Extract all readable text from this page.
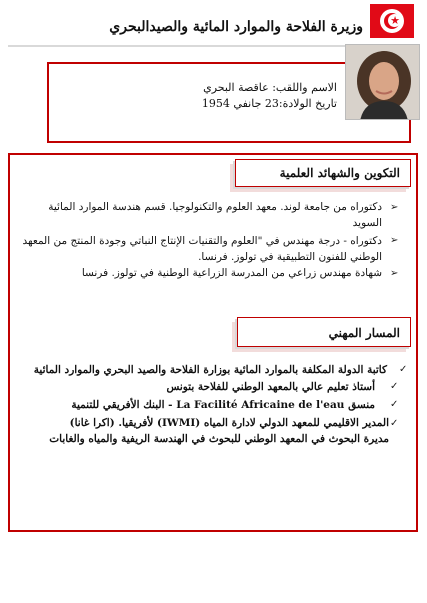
★
وزيرة الفلاحة والموارد المائية والصيدالبحري
الاسم واللقب: عاقصة البحري
تاريخ الولادة:23 جانفي 1954
التكوين والشهائد العلمية
➢
دكتوراه من جامعة لوند. معهد العلوم والتكنولوجيا. قسم هندسة الموارد المائية
السويد
➢
دكتوراه - درجة مهندس في "العلوم والتقنيات الإنتاج النباتي وجودة المنتج من المعهد
الوطني للفنون التطبيقية في تولوز. فرنسا.
➢
شهادة مهندس زراعي من المدرسة الزراعية الوطنية في تولوز. فرنسا
المسار المهني
✓
كاتبة الدولة المكلفة بالموارد المائية بوزارة الفلاحة والصيد البحري والموارد المائية
✓
أستاذ تعليم عالي بالمعهد الوطني للفلاحة بتونس
✓
منسق La Facilité Africaine de l'eau - البنك الأفريقي للتنمية
✓
المدير الاقليمي للمعهد الدولي لادارة المياه (IWMI) لأفريقيا. (اكرا غانا)
مديرة البحوث في المعهد الوطني للبحوث في الهندسة الريفية والمياه والغابات
